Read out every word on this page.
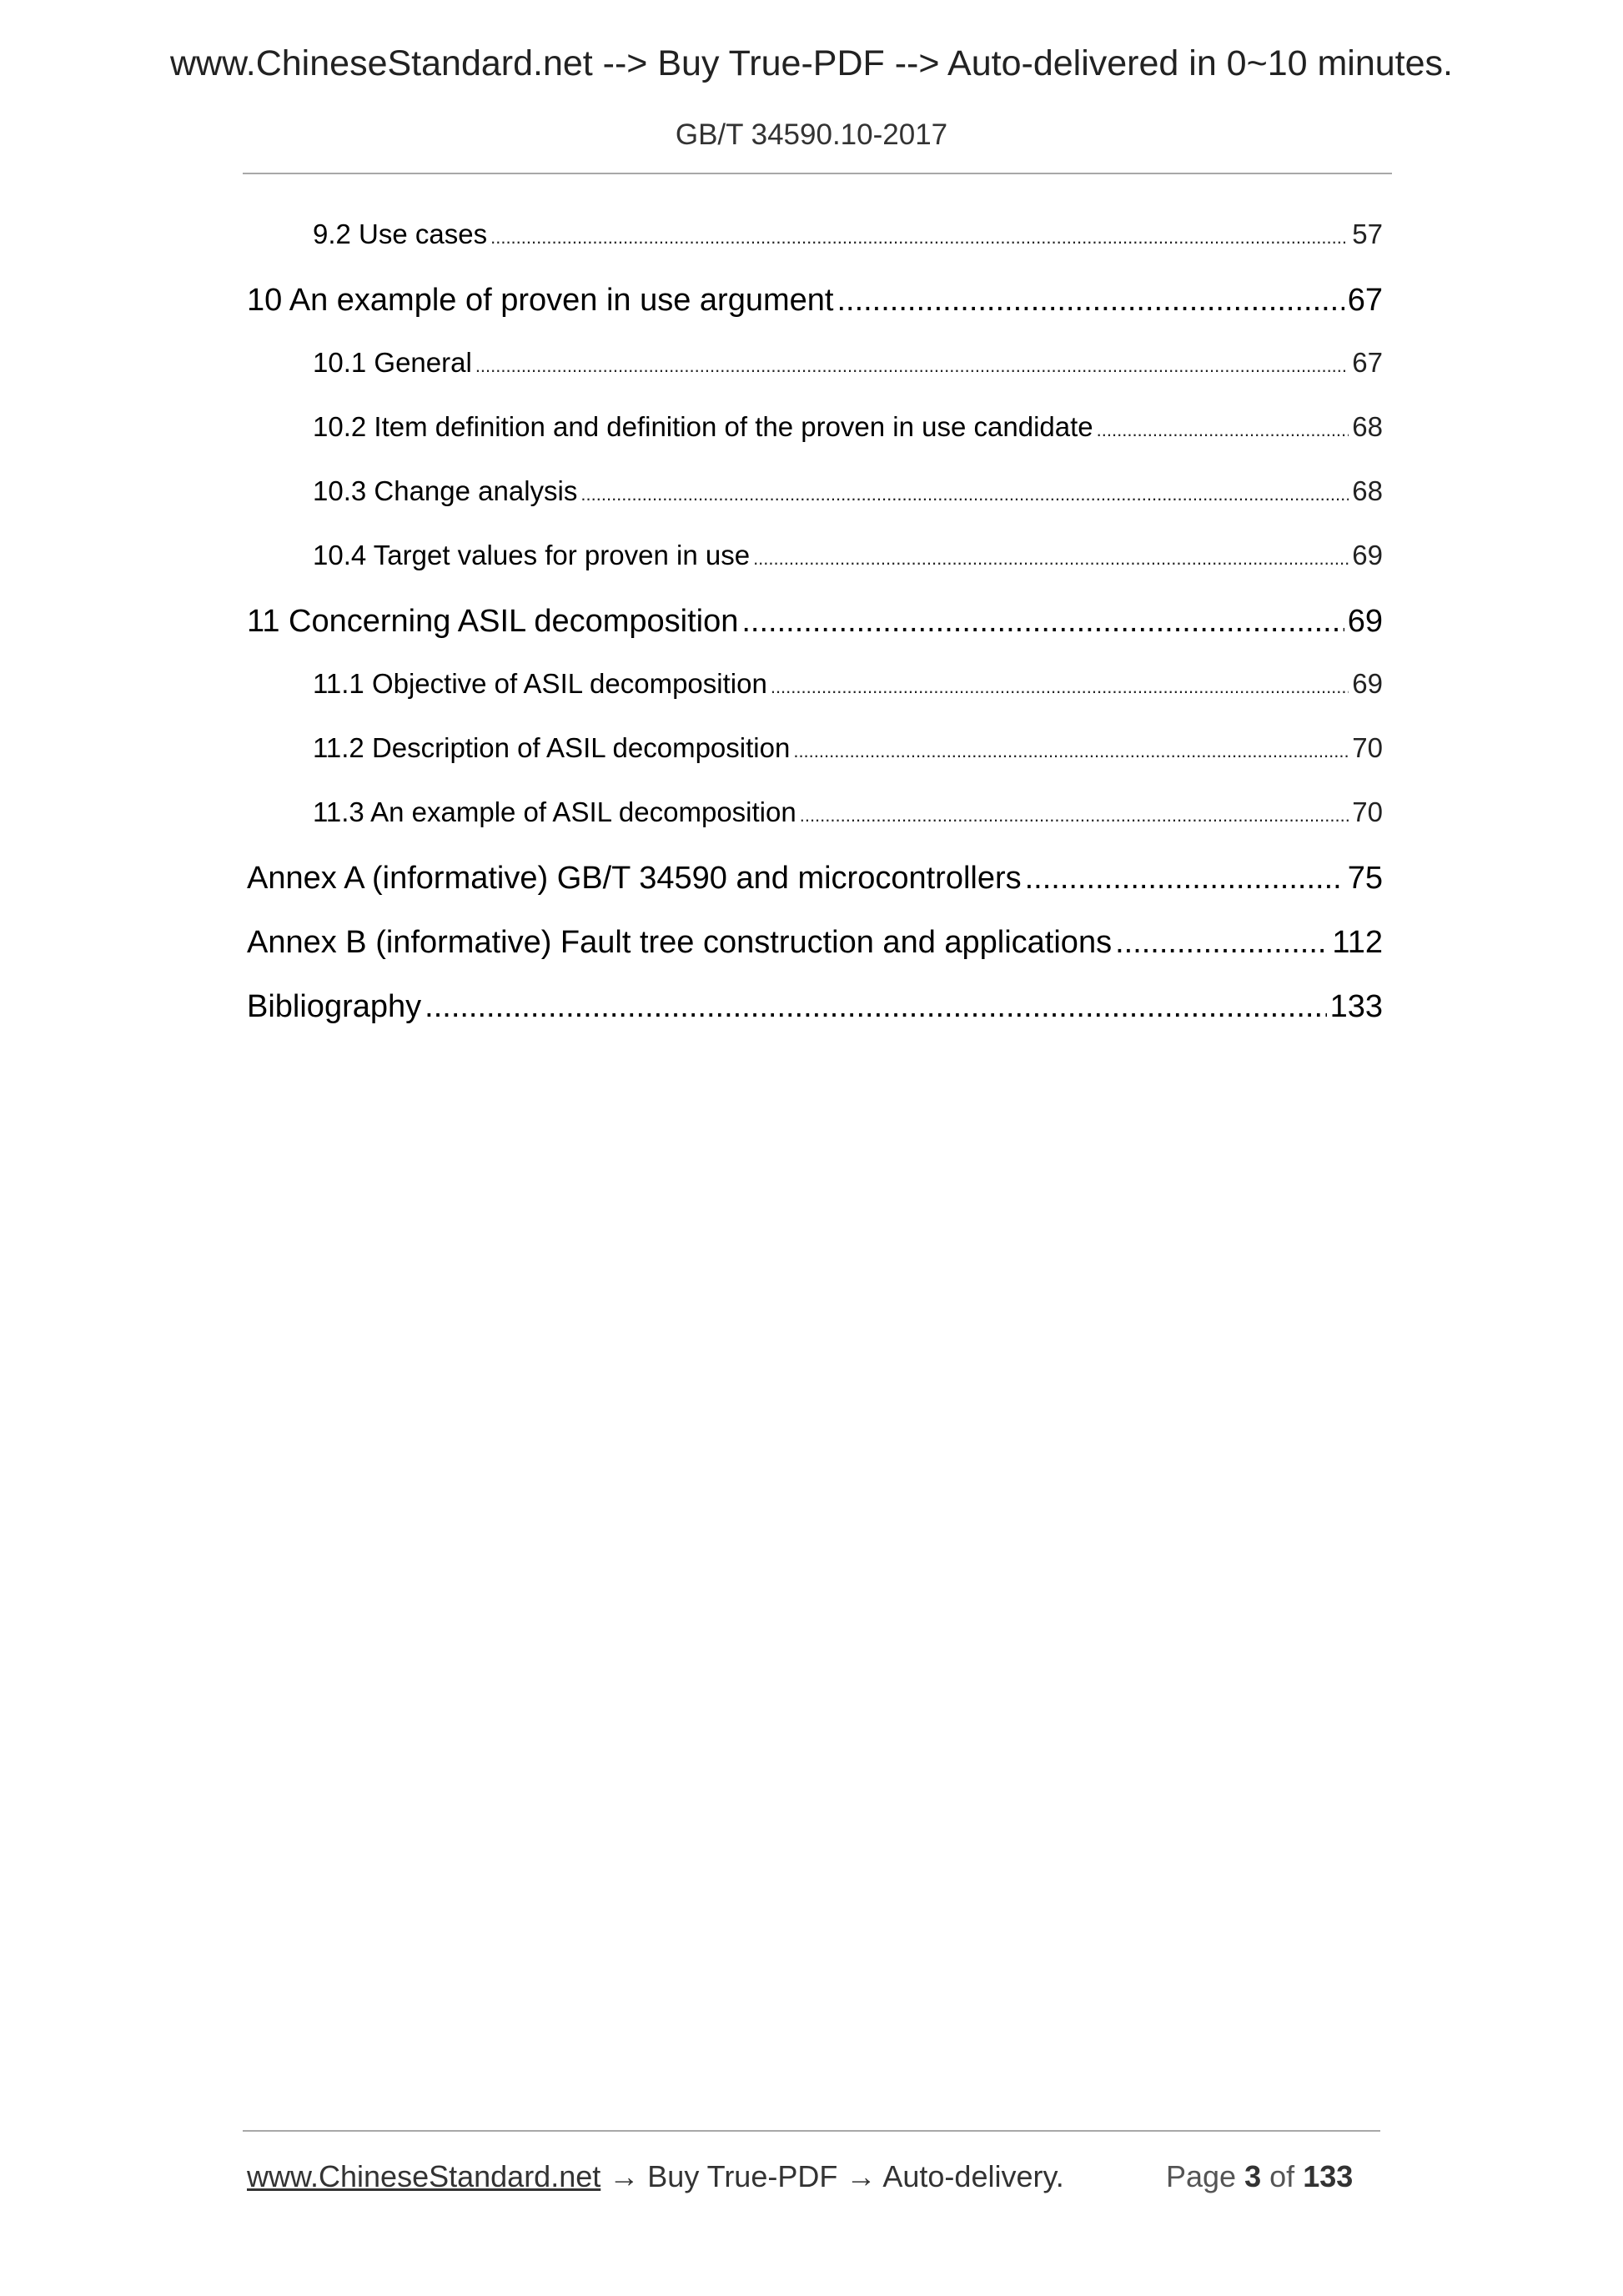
www.ChineseStandard.net --> Buy True-PDF --> Auto-delivered in 0~10 minutes.
GB/T 34590.10-2017
9.2 Use cases .....	57
10 An example of proven in use argument .....	67
10.1 General .....	67
10.2 Item definition and definition of the proven in use candidate .....	68
10.3 Change analysis .....	68
10.4 Target values for proven in use .....	69
11 Concerning ASIL decomposition .....	69
11.1 Objective of ASIL decomposition .....	69
11.2 Description of ASIL decomposition .....	70
11.3 An example of ASIL decomposition .....	70
Annex A (informative) GB/T 34590 and microcontrollers .....	75
Annex B (informative) Fault tree construction and applications .....	112
Bibliography .....	133
www.ChineseStandard.net → Buy True-PDF → Auto-delivery.	Page 3 of 133
